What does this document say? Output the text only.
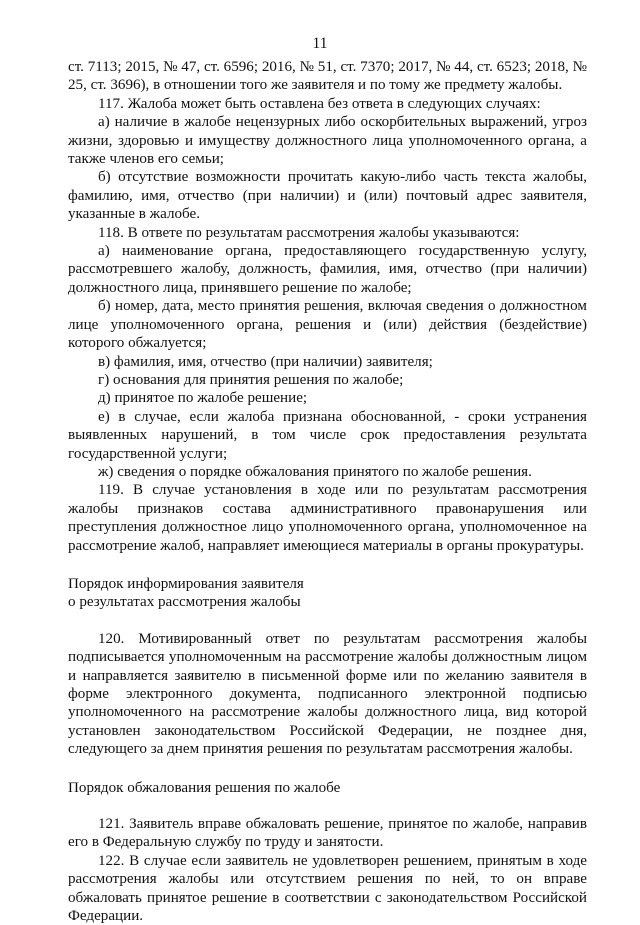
11

ст. 7113; 2015, № 47, ст. 6596; 2016, № 51, ст. 7370; 2017, № 44, ст. 6523; 2018, № 25, ст. 3696), в отношении того же заявителя и по тому же предмету жалобы.

117. Жалоба может быть оставлена без ответа в следующих случаях:

а) наличие в жалобе нецензурных либо оскорбительных выражений, угроз жизни, здоровью и имуществу должностного лица уполномоченного органа, а также членов его семьи;

б) отсутствие возможности прочитать какую-либо часть текста жалобы, фамилию, имя, отчество (при наличии) и (или) почтовый адрес заявителя, указанные в жалобе.

118. В ответе по результатам рассмотрения жалобы указываются:

а) наименование органа, предоставляющего государственную услугу, рассмотревшего жалобу, должность, фамилия, имя, отчество (при наличии) должностного лица, принявшего решение по жалобе;

б) номер, дата, место принятия решения, включая сведения о должностном лице уполномоченного органа, решения и (или) действия (бездействие) которого обжалуется;

в) фамилия, имя, отчество (при наличии) заявителя;

г) основания для принятия решения по жалобе;

д) принятое по жалобе решение;

е) в случае, если жалоба признана обоснованной, - сроки устранения выявленных нарушений, в том числе срок предоставления результата государственной услуги;

ж) сведения о порядке обжалования принятого по жалобе решения.

119. В случае установления в ходе или по результатам рассмотрения жалобы признаков состава административного правонарушения или преступления должностное лицо уполномоченного органа, уполномоченное на рассмотрение жалоб, направляет имеющиеся материалы в органы прокуратуры.

Порядок информирования заявителя

о результатах рассмотрения жалобы

120. Мотивированный ответ по результатам рассмотрения жалобы подписывается уполномоченным на рассмотрение жалобы должностным лицом и направляется заявителю в письменной форме или по желанию заявителя в форме электронного документа, подписанного электронной подписью уполномоченного на рассмотрение жалобы должностного лица, вид которой установлен законодательством Российской Федерации, не позднее дня, следующего за днем принятия решения по результатам рассмотрения жалобы.

Порядок обжалования решения по жалобе

121. Заявитель вправе обжаловать решение, принятое по жалобе, направив его в Федеральную службу по труду и занятости.

122. В случае если заявитель не удовлетворен решением, принятым в ходе рассмотрения жалобы или отсутствием решения по ней, то он вправе обжаловать принятое решение в соответствии с законодательством Российской Федерации.
